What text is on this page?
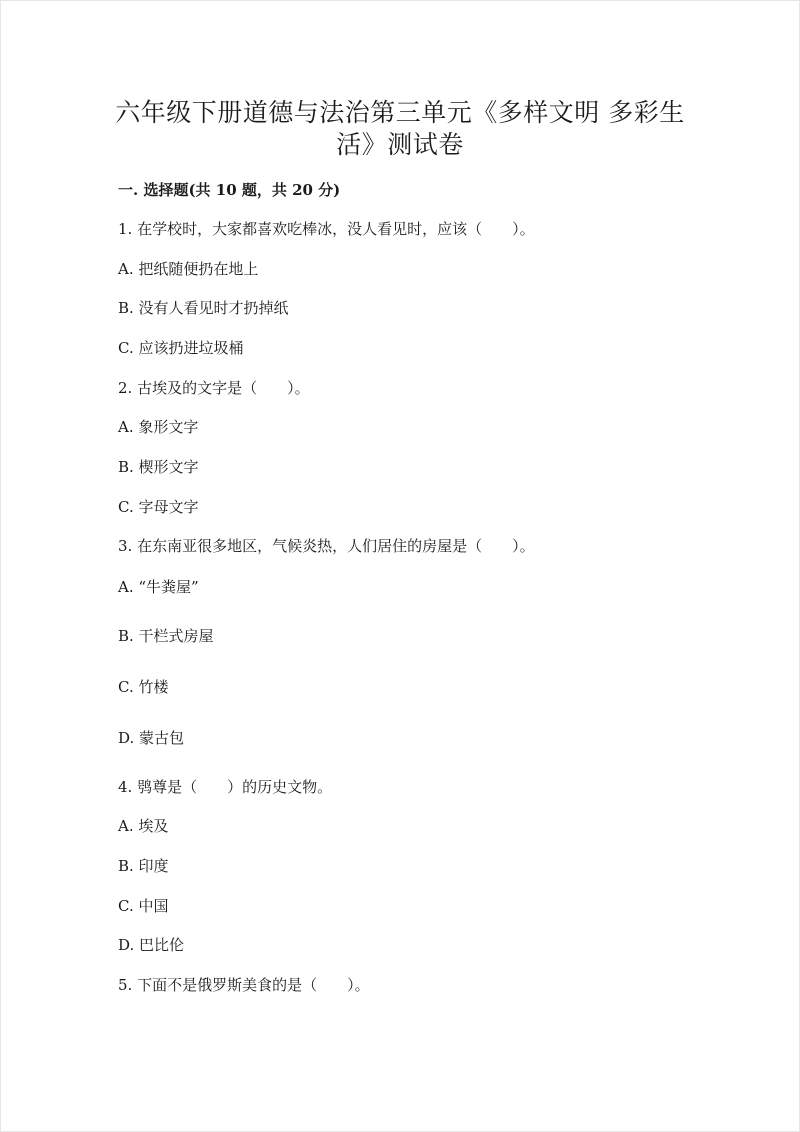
六年级下册道德与法治第三单元《多样文明 多彩生
活》测试卷
一. 选择题(共 10 题，共 20 分)
1. 在学校时，大家都喜欢吃棒冰，没人看见时，应该（　　）。
A. 把纸随便扔在地上
B. 没有人看见时才扔掉纸
C. 应该扔进垃圾桶
2. 古埃及的文字是（　　）。
A. 象形文字
B. 楔形文字
C. 字母文字
3. 在东南亚很多地区，气候炎热，人们居住的房屋是（　　）。
A. “牛粪屋”
B. 干栏式房屋
C. 竹楼
D. 蒙古包
4. 鸮尊是（　　）的历史文物。
A. 埃及
B. 印度
C. 中国
D. 巴比伦
5. 下面不是俄罗斯美食的是（　　）。
